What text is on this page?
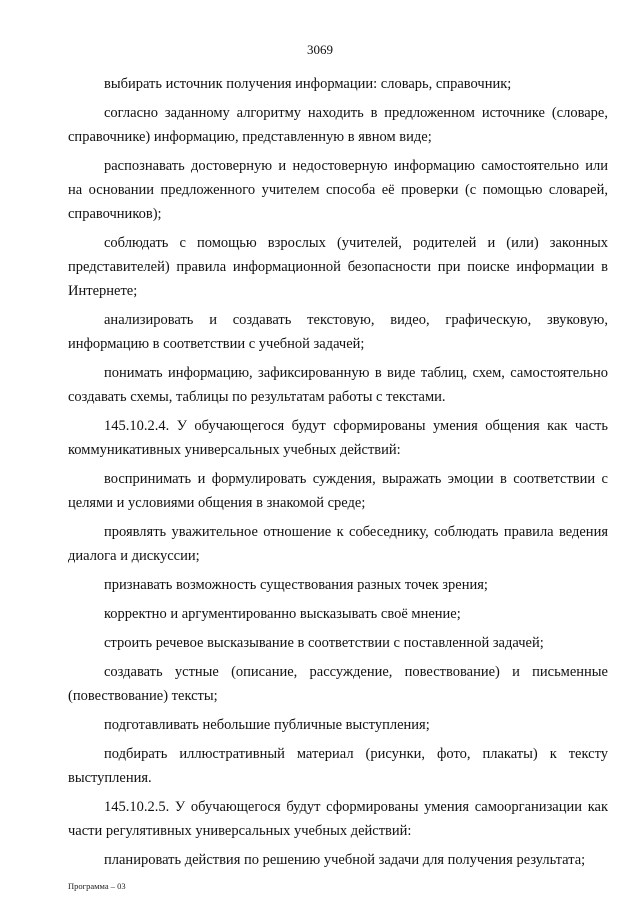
3069

выбирать источник получения информации: словарь, справочник;

согласно заданному алгоритму находить в предложенном источнике (словаре, справочнике) информацию, представленную в явном виде;

распознавать достоверную и недостоверную информацию самостоятельно или на основании предложенного учителем способа её проверки (с помощью словарей, справочников);

соблюдать с помощью взрослых (учителей, родителей и (или) законных представителей) правила информационной безопасности при поиске информации в Интернете;

анализировать и создавать текстовую, видео, графическую, звуковую, информацию в соответствии с учебной задачей;

понимать информацию, зафиксированную в виде таблиц, схем, самостоятельно создавать схемы, таблицы по результатам работы с текстами.

145.10.2.4. У обучающегося будут сформированы умения общения как часть коммуникативных универсальных учебных действий:

воспринимать и формулировать суждения, выражать эмоции в соответствии с целями и условиями общения в знакомой среде;

проявлять уважительное отношение к собеседнику, соблюдать правила ведения диалога и дискуссии;

признавать возможность существования разных точек зрения;

корректно и аргументированно высказывать своё мнение;

строить речевое высказывание в соответствии с поставленной задачей;

создавать устные (описание, рассуждение, повествование) и письменные (повествование) тексты;

подготавливать небольшие публичные выступления;

подбирать иллюстративный материал (рисунки, фото, плакаты) к тексту выступления.

145.10.2.5. У обучающегося будут сформированы умения самоорганизации как части регулятивных универсальных учебных действий:

планировать действия по решению учебной задачи для получения результата;

Программа – 03
